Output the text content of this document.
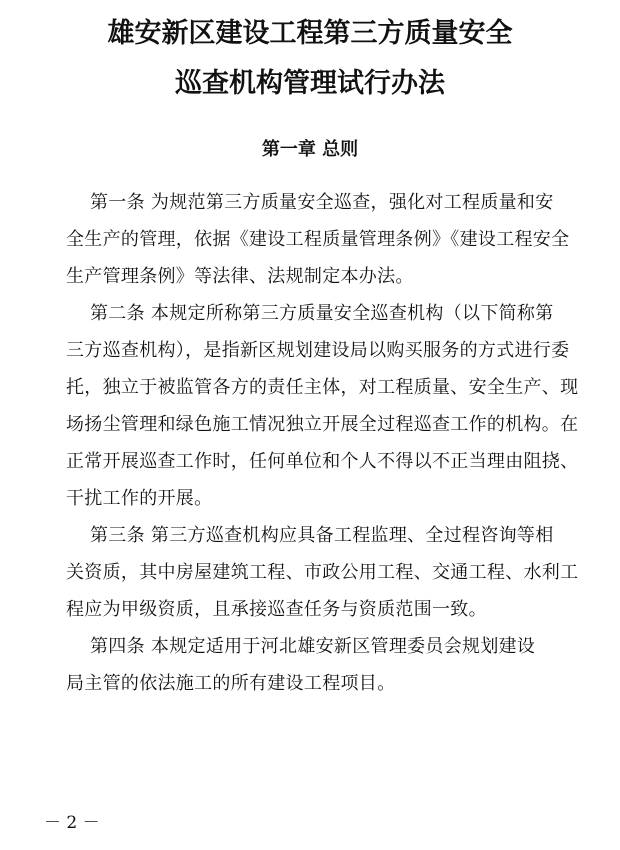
雄安新区建设工程第三方质量安全
巡查机构管理试行办法
第一章 总则
第一条 为规范第三方质量安全巡查，强化对工程质量和安
全生产的管理，依据《建设工程质量管理条例》《建设工程安全
生产管理条例》等法律、法规制定本办法。
第二条 本规定所称第三方质量安全巡查机构（以下简称第
三方巡查机构），是指新区规划建设局以购买服务的方式进行委
托，独立于被监管各方的责任主体，对工程质量、安全生产、现
场扬尘管理和绿色施工情况独立开展全过程巡查工作的机构。在
正常开展巡查工作时，任何单位和个人不得以不正当理由阻挠、
干扰工作的开展。
第三条 第三方巡查机构应具备工程监理、全过程咨询等相
关资质，其中房屋建筑工程、市政公用工程、交通工程、水利工
程应为甲级资质，且承接巡查任务与资质范围一致。
第四条 本规定适用于河北雄安新区管理委员会规划建设
局主管的依法施工的所有建设工程项目。
－ 2 －
